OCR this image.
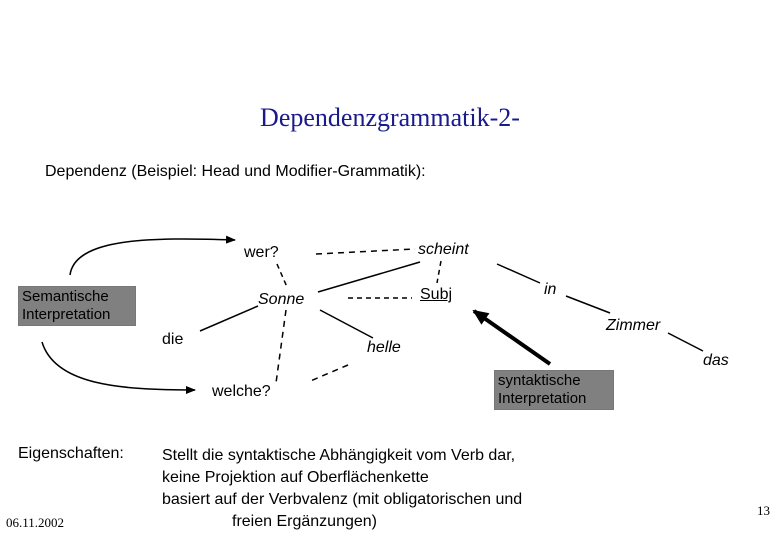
Dependenzgrammatik-2-
Dependenz (Beispiel: Head und Modifier-Grammatik):
wer?	scheint
Sonne	Subj	in
Zimmer
das
die	helle
welche?
Semantische Interpretation
syntaktische Interpretation
Eigenschaften: Stellt die syntaktische Abhängigkeit vom Verb dar,
keine Projektion auf Oberflächenkette
basiert auf der Verbvalenz (mit obligatorischen und
freien Ergänzungen)
06.11.2002
13
